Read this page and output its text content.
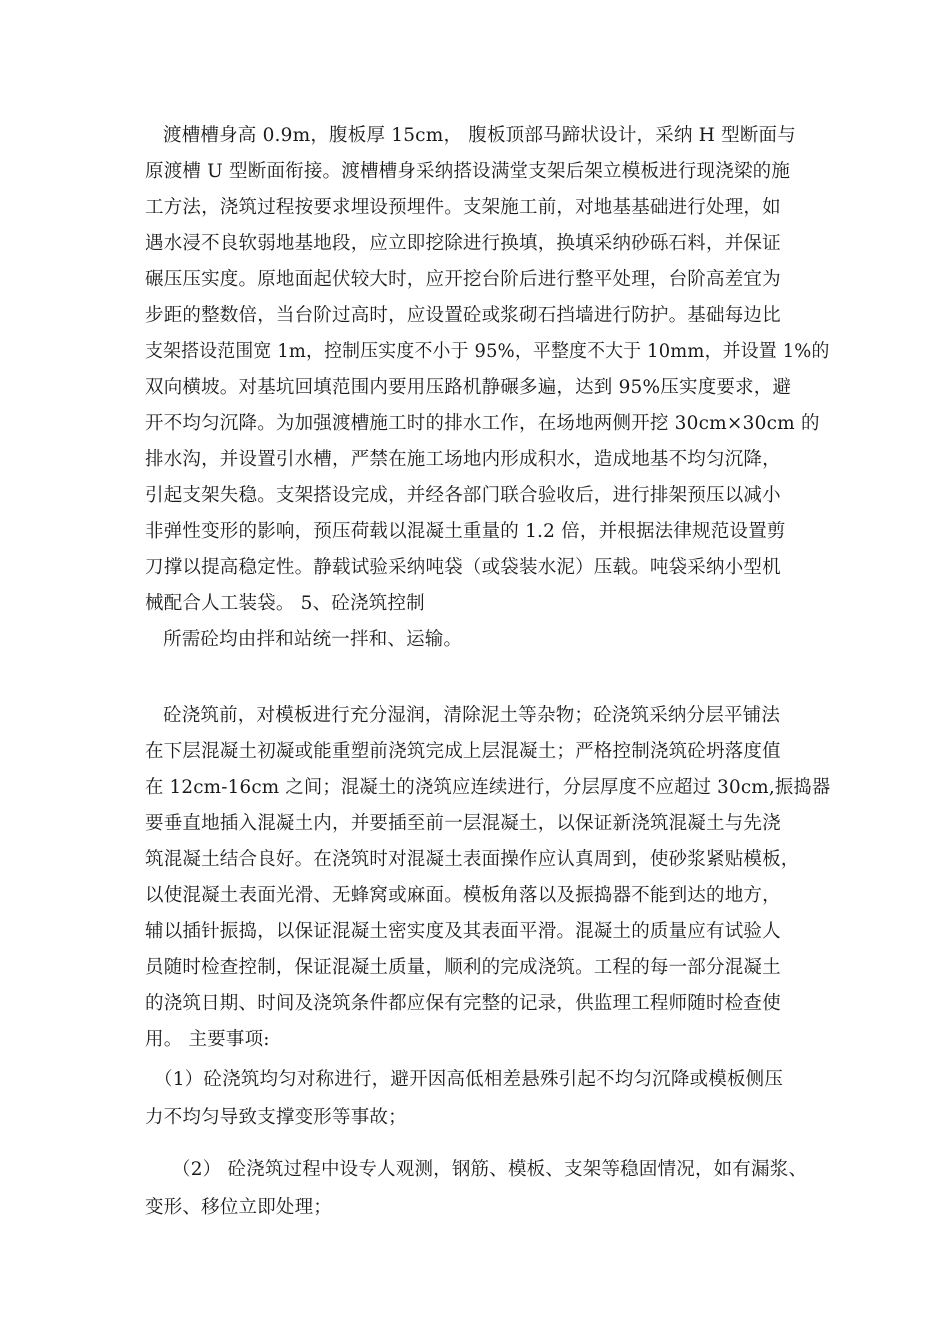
渡槽槽身高 0.9m，腹板厚 15cm， 腹板顶部马蹄状设计，采纳 H 型断面与
原渡槽 U 型断面衔接。渡槽槽身采纳搭设满堂支架后架立模板进行现浇梁的施
工方法，浇筑过程按要求埋设预埋件。支架施工前，对地基基础进行处理，如
遇水浸不良软弱地基地段，应立即挖除进行换填，换填采纳砂砾石料，并保证
碾压压实度。原地面起伏较大时，应开挖台阶后进行整平处理，台阶高差宜为
步距的整数倍，当台阶过高时，应设置砼或浆砌石挡墙进行防护。基础每边比
支架搭设范围宽 1m，控制压实度不小于 95%，平整度不大于 10mm，并设置 1%的
双向横坡。对基坑回填范围内要用压路机静碾多遍，达到 95%压实度要求，避
开不均匀沉降。为加强渡槽施工时的排水工作，在场地两侧开挖 30cm×30cm 的
排水沟，并设置引水槽，严禁在施工场地内形成积水，造成地基不均匀沉降，
引起支架失稳。支架搭设完成，并经各部门联合验收后，进行排架预压以减小
非弹性变形的影响，预压荷载以混凝土重量的 1.2 倍，并根据法律规范设置剪
刀撑以提高稳定性。静载试验采纳吨袋（或袋装水泥）压载。吨袋采纳小型机
械配合人工装袋。 5、砼浇筑控制
所需砼均由拌和站统一拌和、运输。
砼浇筑前，对模板进行充分湿润，清除泥土等杂物；砼浇筑采纳分层平铺法
在下层混凝土初凝或能重塑前浇筑完成上层混凝土；严格控制浇筑砼坍落度值
在 12cm-16cm 之间；混凝土的浇筑应连续进行，分层厚度不应超过 30cm,振捣器
要垂直地插入混凝土内，并要插至前一层混凝土，以保证新浇筑混凝土与先浇
筑混凝土结合良好。在浇筑时对混凝土表面操作应认真周到，使砂浆紧贴模板，
以使混凝土表面光滑、无蜂窝或麻面。模板角落以及振捣器不能到达的地方，
辅以插针振捣，以保证混凝土密实度及其表面平滑。混凝土的质量应有试验人
员随时检查控制，保证混凝土质量，顺利的完成浇筑。工程的每一部分混凝土
的浇筑日期、时间及浇筑条件都应保有完整的记录，供监理工程师随时检查使
用。 主要事项:
（1）砼浇筑均匀对称进行，避开因高低相差悬殊引起不均匀沉降或模板侧压
力不均匀导致支撑变形等事故；
（2） 砼浇筑过程中设专人观测，钢筋、模板、支架等稳固情况，如有漏浆、
变形、移位立即处理；
